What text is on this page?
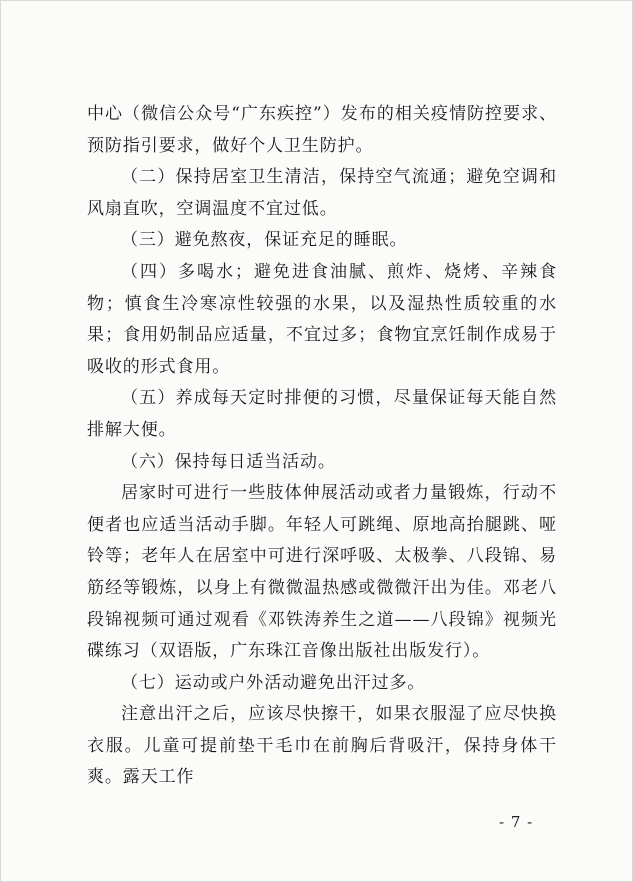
中心（微信公众号“广东疾控”）发布的相关疫情防控要求、预防指引要求，做好个人卫生防护。

（二）保持居室卫生清洁，保持空气流通；避免空调和风扇直吹，空调温度不宜过低。

（三）避免熬夜，保证充足的睡眠。

（四）多喝水；避免进食油腻、煎炸、烧烤、辛辣食物；慎食生冷寒凉性较强的水果，以及湿热性质较重的水果；食用奶制品应适量，不宜过多；食物宜烹饪制作成易于吸收的形式食用。

（五）养成每天定时排便的习惯，尽量保证每天能自然排解大便。

（六）保持每日适当活动。

居家时可进行一些肢体伸展活动或者力量锻炼，行动不便者也应适当活动手脚。年轻人可跳绳、原地高抬腿跳、哑铃等；老年人在居室中可进行深呼吸、太极拳、八段锦、易筋经等锻炼，以身上有微微温热感或微微汗出为佳。邓老八段锦视频可通过观看《邓铁涛养生之道——八段锦》视频光碟练习（双语版，广东珠江音像出版社出版发行）。

（七）运动或户外活动避免出汗过多。

注意出汗之后，应该尽快擦干，如果衣服湿了应尽快换衣服。儿童可提前垫干毛巾在前胸后背吸汗，保持身体干爽。露天工作

- 7 -
